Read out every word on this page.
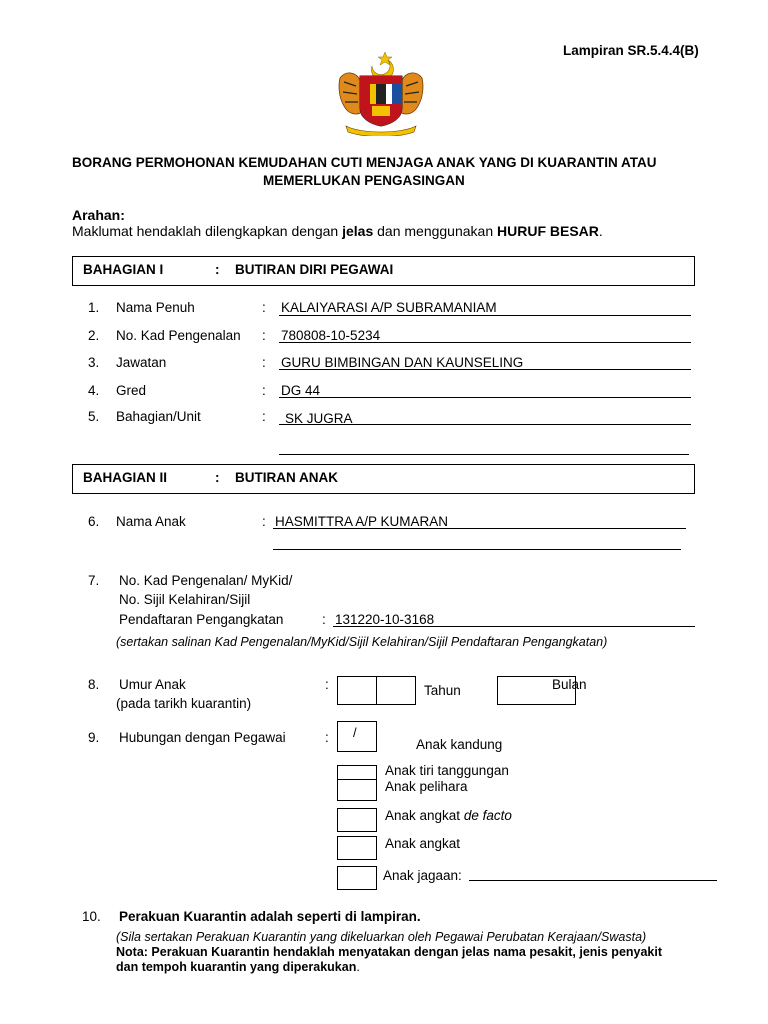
Lampiran SR.5.4.4(B)
BORANG PERMOHONAN KEMUDAHAN CUTI MENJAGA ANAK YANG DI KUARANTIN ATAU
MEMERLUKAN PENGASINGAN
Arahan:
Maklumat hendaklah dilengkapkan dengan jelas dan menggunakan HURUF BESAR.
BAHAGIAN I	: BUTIRAN DIRI PEGAWAI
1. Nama Penuh	: KALAIYARASI A/P SUBRAMANIAM
2. No. Kad Pengenalan : 780808-10-5234
3. Jawatan	: GURU BIMBINGAN DAN KAUNSELING
4. Gred	: DG 44
5. Bahagian/Unit	: SK JUGRA
BAHAGIAN II	: BUTIRAN ANAK
6. Nama Anak	: HASMITTRA A/P KUMARAN
7. No. Kad Pengenalan/ MyKid/
No. Sijil Kelahiran/Sijil
Pendaftaran Pengangkatan	: 131220-10-3168
(sertakan salinan Kad Pengenalan/MyKid/Sijil Kelahiran/Sijil Pendaftaran Pengangkatan)
8. Umur Anak
(pada tarikh kuarantin)
:	Tahun	Bulan
9. Hubungan dengan Pegawai	: /
Anak kandung
Anak tiri tanggungan
Anak pelihara
Anak angkat de facto
Anak angkat
Anak jagaan:
10. Perakuan Kuarantin adalah seperti di lampiran.
(Sila sertakan Perakuan Kuarantin yang dikeluarkan oleh Pegawai Perubatan Kerajaan/Swasta)
Nota: Perakuan Kuarantin hendaklah menyatakan dengan jelas nama pesakit, jenis penyakit
dan tempoh kuarantin yang diperakukan.
